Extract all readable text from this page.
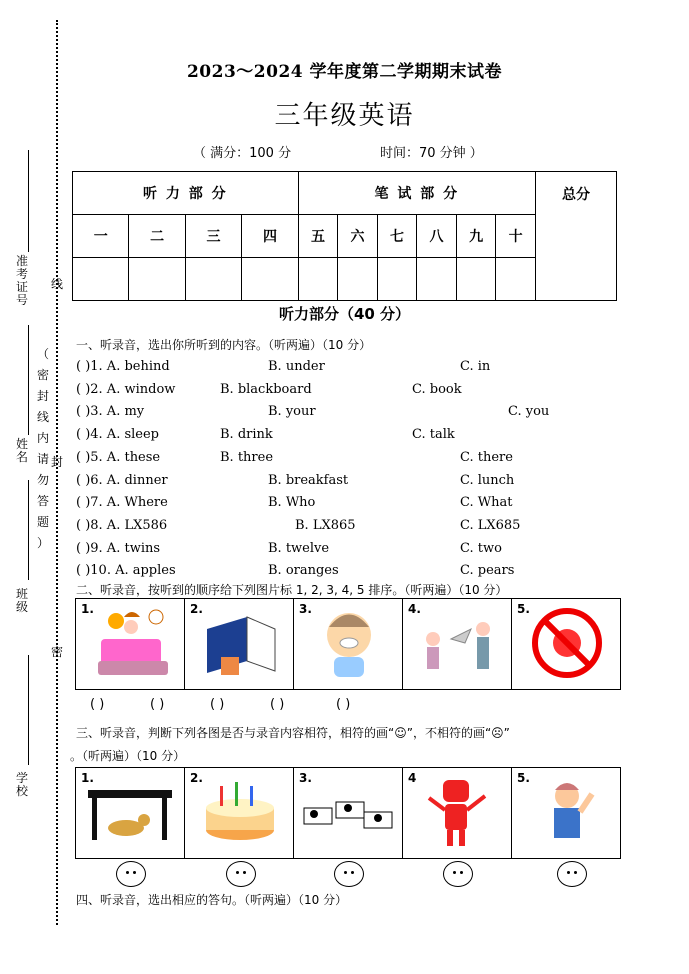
准
考
证
号
线
姓
名
（
密
封
线
内
请
勿
答
题
）
封
班
级
密
学
校
2023～2024 学年度第二学期期末试卷
三年级英语
（ 满分：100 分	时间：70 分钟 ）
听 力 部 分				笔 试 部 分						总分
一	二	三	四	五	六	七	八	九	十	

听力部分（40 分）
一、听录音，选出你所听到的内容。（听两遍）（10 分）
( )1. A. behind	B. under	C. in
( )2. A. window	B. blackboard	C. book
( )3. A. my	B. your	C. you
( )4. A. sleep	B. drink	C. talk
( )5. A. these	B. three	C. there
( )6. A. dinner	B. breakfast	C. lunch
( )7. A. Where	B. Who	C. What
( )8. A. LX586	B. LX865	C. LX685
( )9. A. twins	B. twelve	C. two
( )10. A. apples	B. oranges	C. pears
二、听录音，按听到的顺序给下列图片标 1, 2, 3, 4, 5 排序。（听两遍）（10 分）
1.	2.	3.	4.	5.
( )	( )	( )	( )	( )
三、听录音，判断下列各图是否与录音内容相符，相符的画“☺”，不相符的画“☹”
。（听两遍）（10 分）
1.	2.	3.	4	5.
四、听录音，选出相应的答句。（听两遍）（10 分）
